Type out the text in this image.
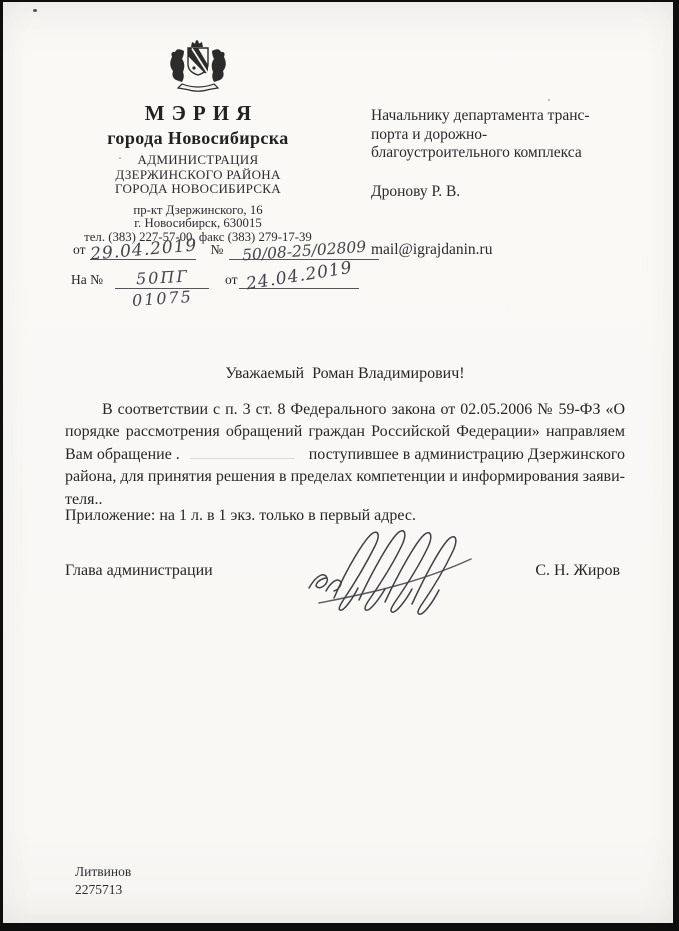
МЭРИЯ
города Новосибирска
АДМИНИСТРАЦИЯ
ДЗЕРЖИНСКОГО РАЙОНА
ГОРОДА НОВОСИБИРСКА
пр-кт Дзержинского, 16
г. Новосибирск, 630015
тел. (383) 227-57-00, факс (383) 279-17-39
от 29.04.2019 №	50/08-25/02809
На № $\frac{50ПГ}{01075}$ от 24.04.2019
Начальнику департамента транс-
порта и дорожно-
благоустроительного комплекса
Дронову Р. В.
mail@igrajdanin.ru
Уважаемый  Роман Владимирович!
В соответствии с п. 3 ст. 8 Федерального закона от 02.05.2006 № 59-ФЗ «О
порядке рассмотрения обращений граждан Российской Федерации» направляем
Вам обращение .	поступившее в администрацию Дзержинского
района, для принятия решения в пределах компетенции и информирования заяви-
теля..
Приложение: на 1 л. в 1 экз. только в первый адрес.
Глава администрации	С. Н. Жиров
Литвинов
2275713
